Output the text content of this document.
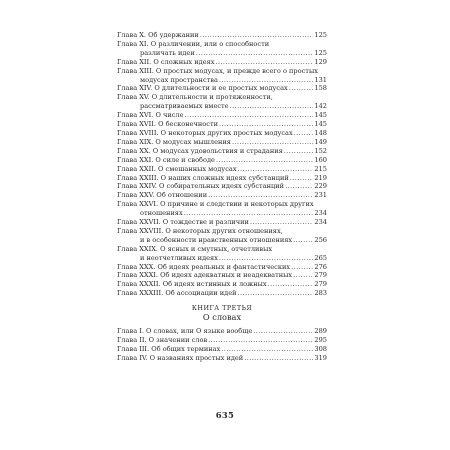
Глава X. Об удержании .....	125
Глава XI. О различении, или о способности
различать идеи .....	125
Глава XII. О сложных идеях .....	129
Глава XIII. О простых модусах, и прежде всего о простых
модусах пространства .....	131
Глава XIV. О длительности и ее простых модусах .....	158
Глава XV. О длительности и протяженности,
рассматриваемых вместе .....	142
Глава XVI. О числе .....	145
Глава XVII. О бесконечности .....	145
Глава XVIII. О некоторых других простых модусах .....	148
Глава XIX. О модусах мышления .....	149
Глава XX. О модусах удовольствия и страдания .....	152
Глава XXI. О силе и свободе .....	160
Глава XXII. О смешанных модусах .....	215
Глава XXIII. О наших сложных идеях субстанций .....	219
Глава XXIV. О собирательных идеях субстанций .....	229
Глава XXV. Об отношении .....	231
Глава XXVI. О причине и следствии и некоторых других
отношениях .....	234
Глава XXVII. О тождестве и различии .....	234
Глава XXVIII. О некоторых других отношениях,
и в особенности нравственных отношениях .....	256
Глава XXIX. О ясных и смутных, отчетливых
и неотчетливых идеях .....	265
Глава XXX. Об идеях реальных и фантастических .....	276
Глава XXXI. Об идеях адекватных и неадекватных .....	279
Глава XXXII. Об идеях истинных и ложных .....	279
Глава XXXIII. Об ассоциации идей .....	283
КНИГА ТРЕТЬЯ
О словах
Глава I. О словах, или О языке вообще .....	289
Глава II. О значении слов .....	295
Глава III. Об общих терминах .....	308
Глава IV. О названиях простых идей .....	319
635
